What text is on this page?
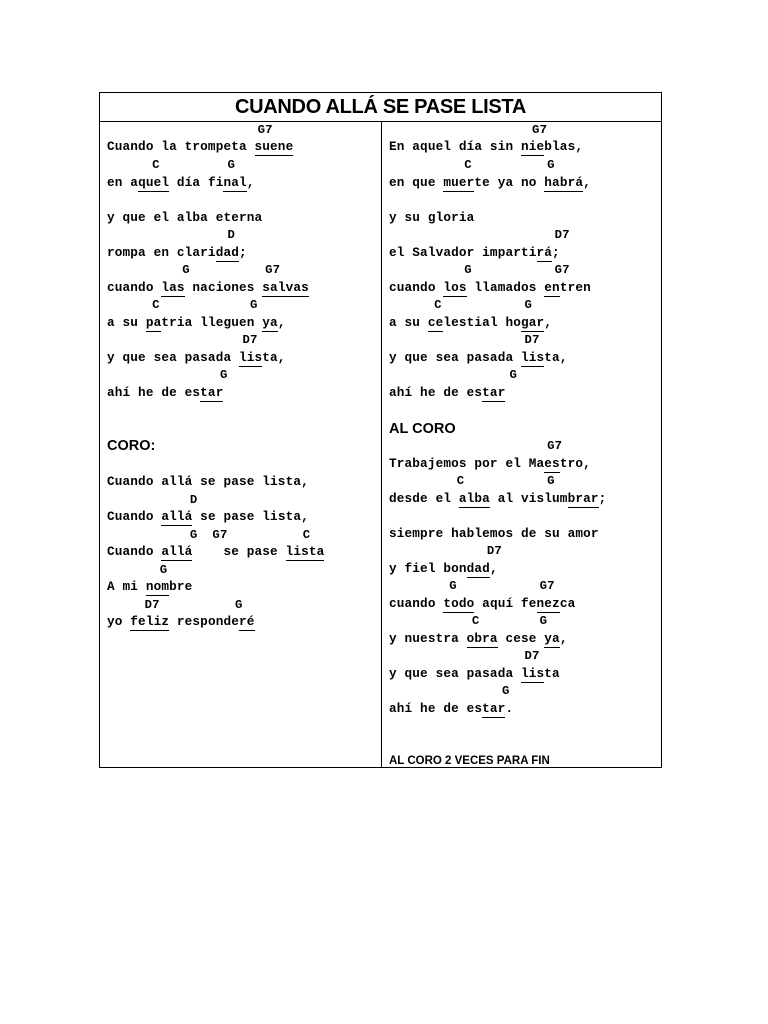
CUANDO ALLÁ SE PASE LISTA
G7
Cuando la trompeta suene
C         G
en aquel día final,
y que el alba eterna
D
rompa en claridad;
G          G7
cuando las naciones salvas
C            G
a su patria lleguen ya,
D7
y que sea pasada lista,
G
ahí he de estar
CORO:
Cuando allá se pase lista,
D
Cuando allá se pase lista,
G  G7          C
Cuando allá    se pase lista
G
A mi nombre
D7          G
yo feliz responderé
G7
En aquel día sin nieblas,
C          G
en que muerte ya no habrá,
y su gloria
D7
el Salvador impartirá;
G           G7
cuando los llamados entren
C           G
a su celestial hogar,
D7
y que sea pasada lista,
G
ahí he de estar
AL CORO
G7
Trabajemos por el Maestro,
C           G
desde el alba al vislumbrar;
siempre hablemos de su amor
D7
y fiel bondad,
G           G7
cuando todo aquí fenezca
C        G
y nuestra obra cese ya,
D7
y que sea pasada lista
G
ahí he de estar.
AL CORO 2 VECES PARA FIN
